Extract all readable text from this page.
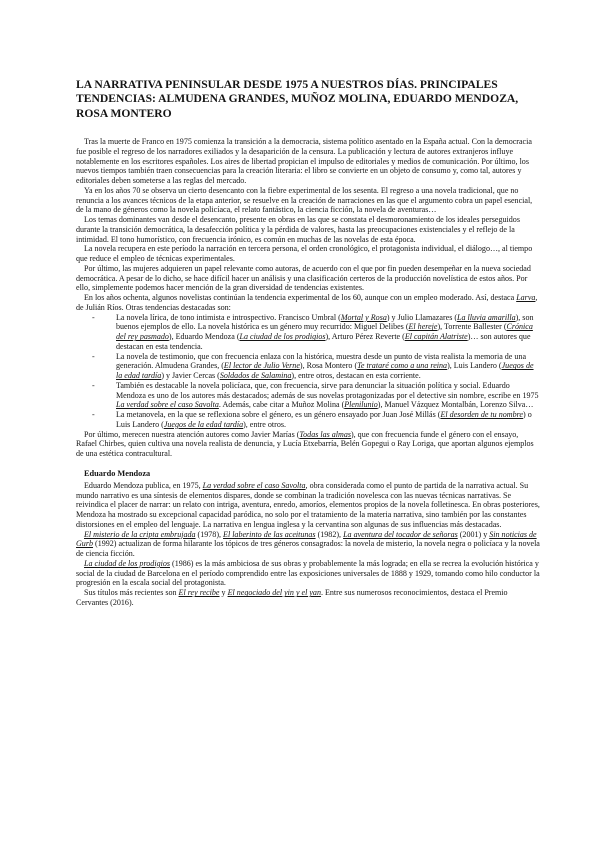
LA NARRATIVA PENINSULAR DESDE 1975 A NUESTROS DÍAS. PRINCIPALES TENDENCIAS: ALMUDENA GRANDES, MUÑOZ MOLINA, EDUARDO MENDOZA, ROSA MONTERO

Tras la muerte de Franco en 1975 comienza la transición a la democracia, sistema político asentado en la España actual. Con la democracia fue posible el regreso de los narradores exiliados y la desaparición de la censura. La publicación y lectura de autores extranjeros influye notablemente en los escritores españoles. Los aires de libertad propician el impulso de editoriales y medios de comunicación. Por último, los nuevos tiempos también traen consecuencias para la creación literaria: el libro se convierte en un objeto de consumo y, como tal, autores y editoriales deben someterse a las reglas del mercado.

Ya en los años 70 se observa un cierto desencanto con la fiebre experimental de los sesenta. El regreso a una novela tradicional, que no renuncia a los avances técnicos de la etapa anterior, se resuelve en la creación de narraciones en las que el argumento cobra un papel esencial, de la mano de géneros como la novela policíaca, el relato fantástico, la ciencia ficción, la novela de aventuras…

Los temas dominantes van desde el desencanto, presente en obras en las que se constata el desmoronamiento de los ideales perseguidos durante la transición democrática, la desafección política y la pérdida de valores, hasta las preocupaciones existenciales y el reflejo de la intimidad. El tono humorístico, con frecuencia irónico, es común en muchas de las novelas de esta época.

La novela recupera en este período la narración en tercera persona, el orden cronológico, el protagonista individual, el diálogo…, al tiempo que reduce el empleo de técnicas experimentales.

Por último, las mujeres adquieren un papel relevante como autoras, de acuerdo con el que por fin pueden desempeñar en la nueva sociedad democrática. A pesar de lo dicho, se hace difícil hacer un análisis y una clasificación certeros de la producción novelística de estos años. Por ello, simplemente podemos hacer mención de la gran diversidad de tendencias existentes.

En los años ochenta, algunos novelistas continúan la tendencia experimental de los 60, aunque con un empleo moderado. Así, destaca Larva, de Julián Ríos. Otras tendencias destacadas son:

- La novela lírica, de tono intimista e introspectivo. Francisco Umbral (Mortal y Rosa) y Julio Llamazares (La lluvia amarilla), son buenos ejemplos de ello. La novela histórica es un género muy recurrido: Miguel Delibes (El hereje), Torrente Ballester (Crónica del rey pasmado), Eduardo Mendoza (La ciudad de los prodigios), Arturo Pérez Reverte (El capitán Alatriste)… son autores que destacan en esta tendencia.
- La novela de testimonio, que con frecuencia enlaza con la histórica, muestra desde un punto de vista realista la memoria de una generación. Almudena Grandes, (El lector de Julio Verne), Rosa Montero (Te trataré como a una reina), Luis Landero (Juegos de la edad tardía) y Javier Cercas (Soldados de Salamina), entre otros, destacan en esta corriente.
- También es destacable la novela policíaca, que, con frecuencia, sirve para denunciar la situación política y social. Eduardo Mendoza es uno de los autores más destacados; además de sus novelas protagonizadas por el detective sin nombre, escribe en 1975 La verdad sobre el caso Savolta. Además, cabe citar a Muñoz Molina (Plenilunio), Manuel Vázquez Montalbán, Lorenzo Silva…
- La metanovela, en la que se reflexiona sobre el género, es un género ensayado por Juan José Millás (El desorden de tu nombre) o Luis Landero (Juegos de la edad tardía), entre otros.

Por último, merecen nuestra atención autores como Javier Marías (Todas las almas), que con frecuencia funde el género con el ensayo, Rafael Chirbes, quien cultiva una novela realista de denuncia, y Lucía Etxebarría, Belén Gopegui o Ray Loriga, que aportan algunos ejemplos de una estética contracultural.

Eduardo Mendoza

Eduardo Mendoza publica, en 1975, La verdad sobre el caso Savolta, obra considerada como el punto de partida de la narrativa actual. Su mundo narrativo es una síntesis de elementos dispares, donde se combinan la tradición novelesca con las nuevas técnicas narrativas. Se reivindica el placer de narrar: un relato con intriga, aventura, enredo, amoríos, elementos propios de la novela folletinesca. En obras posteriores, Mendoza ha mostrado su excepcional capacidad paródica, no solo por el tratamiento de la materia narrativa, sino también por las constantes distorsiones en el empleo del lenguaje. La narrativa en lengua inglesa y la cervantina son algunas de sus influencias más destacadas.

El misterio de la cripta embrujada (1978), El laberinto de las aceitunas (1982), La aventura del tocador de señoras (2001) y Sin noticias de Gurb (1992) actualizan de forma hilarante los tópicos de tres géneros consagrados: la novela de misterio, la novela negra o policíaca y la novela de ciencia ficción.

La ciudad de los prodigios (1986) es la más ambiciosa de sus obras y probablemente la más lograda; en ella se recrea la evolución histórica y social de la ciudad de Barcelona en el período comprendido entre las exposiciones universales de 1888 y 1929, tomando como hilo conductor la progresión en la escala social del protagonista.

Sus títulos más recientes son El rey recibe y El negociado del yin y el yan. Entre sus numerosos reconocimientos, destaca el Premio Cervantes (2016).
